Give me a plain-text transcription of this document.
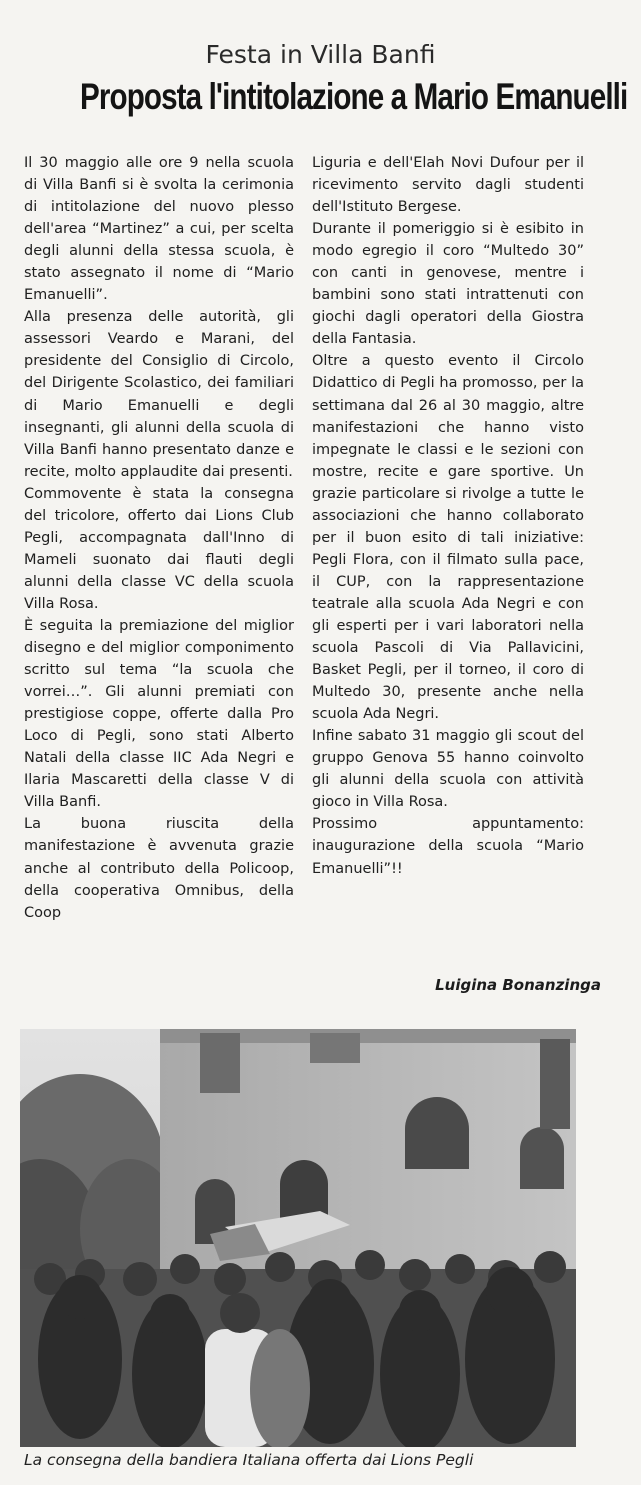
Festa in Villa Banfi
Proposta l'intitolazione a Mario Emanuelli

Il 30 maggio alle ore 9 nella scuola di Villa Banfi si è svolta la cerimonia di intitolazione del nuovo plesso dell'area “Martinez” a cui, per scelta degli alunni della stessa scuola, è stato assegnato il nome di “Mario Emanuelli”.

Alla presenza delle autorità, gli assessori Veardo e Marani, del presidente del Consiglio di Circolo, del Dirigente Scolastico, dei familiari di Mario Emanuelli e degli insegnanti, gli alunni della scuola di Villa Banfi hanno presentato danze e recite, molto applaudite dai presenti.

Commovente è stata la consegna del tricolore, offerto dai Lions Club Pegli, accompagnata dall'Inno di Mameli suonato dai flauti degli alunni della classe VC della scuola Villa Rosa.

È seguita la premiazione del miglior disegno e del miglior componimento scritto sul tema “la scuola che vorrei…”. Gli alunni premiati con prestigiose coppe, offerte dalla Pro Loco di Pegli, sono stati Alberto Natali della classe IIC Ada Negri e Ilaria Mascaretti della classe V di Villa Banfi.

La buona riuscita della manifestazione è avvenuta grazie anche al contributo della Policoop, della cooperativa Omnibus, della Coop

Liguria e dell'Elah Novi Dufour per il ricevimento servito dagli studenti dell'Istituto Bergese.

Durante il pomeriggio si è esibito in modo egregio il coro “Multedo 30” con canti in genovese, mentre i bambini sono stati intrattenuti con giochi dagli operatori della Giostra della Fantasia.

Oltre a questo evento il Circolo Didattico di Pegli ha promosso, per la settimana dal 26 al 30 maggio, altre manifestazioni che hanno visto impegnate le classi e le sezioni con mostre, recite e gare sportive. Un grazie particolare si rivolge a tutte le associazioni che hanno collaborato per il buon esito di tali iniziative: Pegli Flora, con il filmato sulla pace, il CUP, con la rappresentazione teatrale alla scuola Ada Negri e con gli esperti per i vari laboratori nella scuola Pascoli di Via Pallavicini, Basket Pegli, per il torneo, il coro di Multedo 30, presente anche nella scuola Ada Negri.

Infine sabato 31 maggio gli scout del gruppo Genova 55 hanno coinvolto gli alunni della scuola con attività gioco in Villa Rosa.

Prossimo appuntamento: inaugurazione della scuola “Mario Emanuelli”!!

Luigina Bonanzinga
La consegna della bandiera Italiana offerta dai Lions Pegli
